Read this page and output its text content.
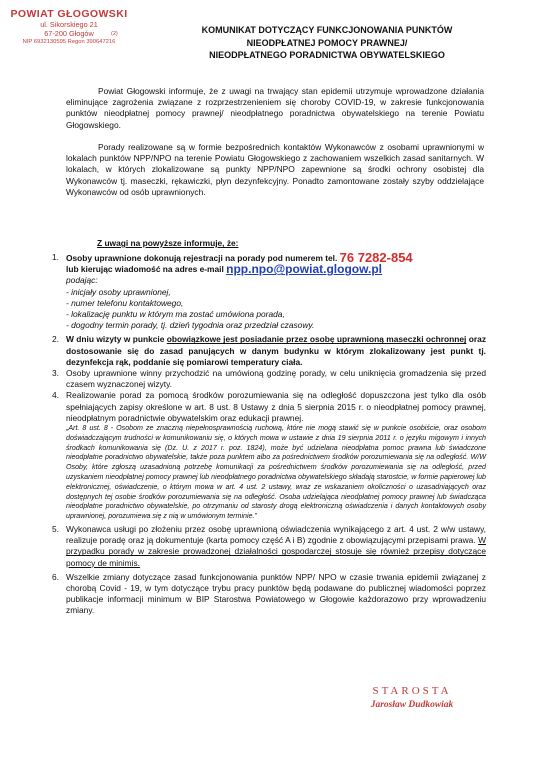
POWIAT GŁOGOWSKI
ul. Sikorskiego 21
67-200 Głogów
NIP 6932130595 Regon 390647216
(2)	KOMUNIKAT DOTYCZĄCY FUNKCJONOWANIA PUNKTÓW
NIEODPŁATNEJ POMOCY PRAWNEJ/
NIEODPŁATNEGO PORADNICTWA OBYWATELSKIEGO

Powiat Głogowski informuje, że z uwagi na trwający stan epidemii utrzymuje wprowadzone działania eliminujące zagrożenia związane z rozprzestrzenieniem się choroby COVID-19, w zakresie funkcjonowania punktów nieodpłatnej pomocy prawnej/ nieodpłatnego poradnictwa obywatelskiego na terenie Powiatu Głogowskiego.

Porady realizowane są w formie bezpośrednich kontaktów Wykonawców z osobami uprawnionymi w lokalach punktów NPP/NPO na terenie Powiatu Głogowskiego z zachowaniem wszelkich zasad sanitarnych. W lokalach, w których zlokalizowane są punkty NPP/NPO zapewnione są środki ochrony osobistej dla Wykonawców tj. maseczki, rękawiczki, płyn dezynfekcyjny. Ponadto zamontowane zostały szyby oddzielające Wykonawców od osób uprawnionych.

Z uwagi na powyższe informuje, że:
1. Osoby uprawnione dokonują rejestracji na porady pod numerem tel. 76 7282-854
lub kierując wiadomość na adres e-mail npp.npo@powiat.glogow.pl
podając:
- inicjały osoby uprawnionej,
- numer telefonu kontaktowego,
- lokalizację punktu w którym ma zostać umówiona porada,
- dogodny termin porady, tj. dzień tygodnia oraz przedział czasowy.
2. W dniu wizyty w punkcie obowiązkowe jest posiadanie przez osobę uprawnioną maseczki ochronnej oraz dostosowanie się do zasad panujących w danym budynku w którym zlokalizowany jest punkt tj. dezynfekcja rąk, poddanie się pomiarowi temperatury ciała.
3. Osoby uprawnione winny przychodzić na umówioną godzinę porady, w celu uniknięcia gromadzenia się przed czasem wyznaczonej wizyty.
4. Realizowanie porad za pomocą środków porozumiewania się na odległość dopuszczona jest tylko dla osób spełniających zapisy określone w art. 8 ust. 8 Ustawy z dnia 5 sierpnia 2015 r. o nieodpłatnej pomocy prawnej, nieodpłatnym poradnictwie obywatelskim oraz edukacji prawnej.
„Art. 8 ust. 8 - Osobom ze znaczną niepełnosprawnością ruchową, które nie mogą stawić się w punkcie osobiście, oraz osobom doświadczającym trudności w komunikowaniu się, o których mowa w ustawie z dnia 19 sierpnia 2011 r. o języku migowym i innych środkach komunikowania się (Dz. U. z 2017 r. poz. 1824), może być udzielana nieodpłatna pomoc prawna lub świadczone nieodpłatne poradnictwo obywatelskie, także poza punktem albo za pośrednictwem środków porozumiewania się na odległość. W/W Osoby, które zgłoszą uzasadnioną potrzebę komunikacji za pośrednictwem środków porozumiewania się na odległość, przed uzyskaniem nieodpłatnej pomocy prawnej lub nieodpłatnego poradnictwa obywatelskiego składają starostcie, w formie papierowej lub elektronicznej, oświadczenie, o którym mowa w art. 4 ust. 2 ustawy, wraz ze wskazaniem okoliczności o uzasadniających oraz dostępnych tej osobie środków porozumiewania się na odległość. Osoba udzielająca nieodpłatnej pomocy prawnej lub świadcząca nieodpłatne poradnictwo obywatelskie, po otrzymaniu od starosty drogą elektroniczną oświadczenia i danych kontaktowych osoby uprawnionej, porozumiewa się z nią w umówionym terminie.”
5. Wykonawca usługi po złożeniu przez osobę uprawnioną oświadczenia wynikającego z art. 4 ust. 2 w/w ustawy, realizuje poradę oraz ją dokumentuje (karta pomocy część A i B) zgodnie z obowiązującymi przepisami prawa. W przypadku porady w zakresie prowadzonej działalności gospodarczej stosuje się również przepisy dotyczące pomocy de minimis.
6. Wszelkie zmiany dotyczące zasad funkcjonowania punktów NPP/ NPO w czasie trwania epidemii związanej z chorobą Covid - 19, w tym dotyczące trybu pracy punktów będą podawane do publicznej wiadomości poprzez publikacje informacji minimum w BIP Starostwa Powiatowego w Głogowie każdorazowo przy wprowadzeniu zmiany.
STAROSTA
Jarosław Dudkowiak
